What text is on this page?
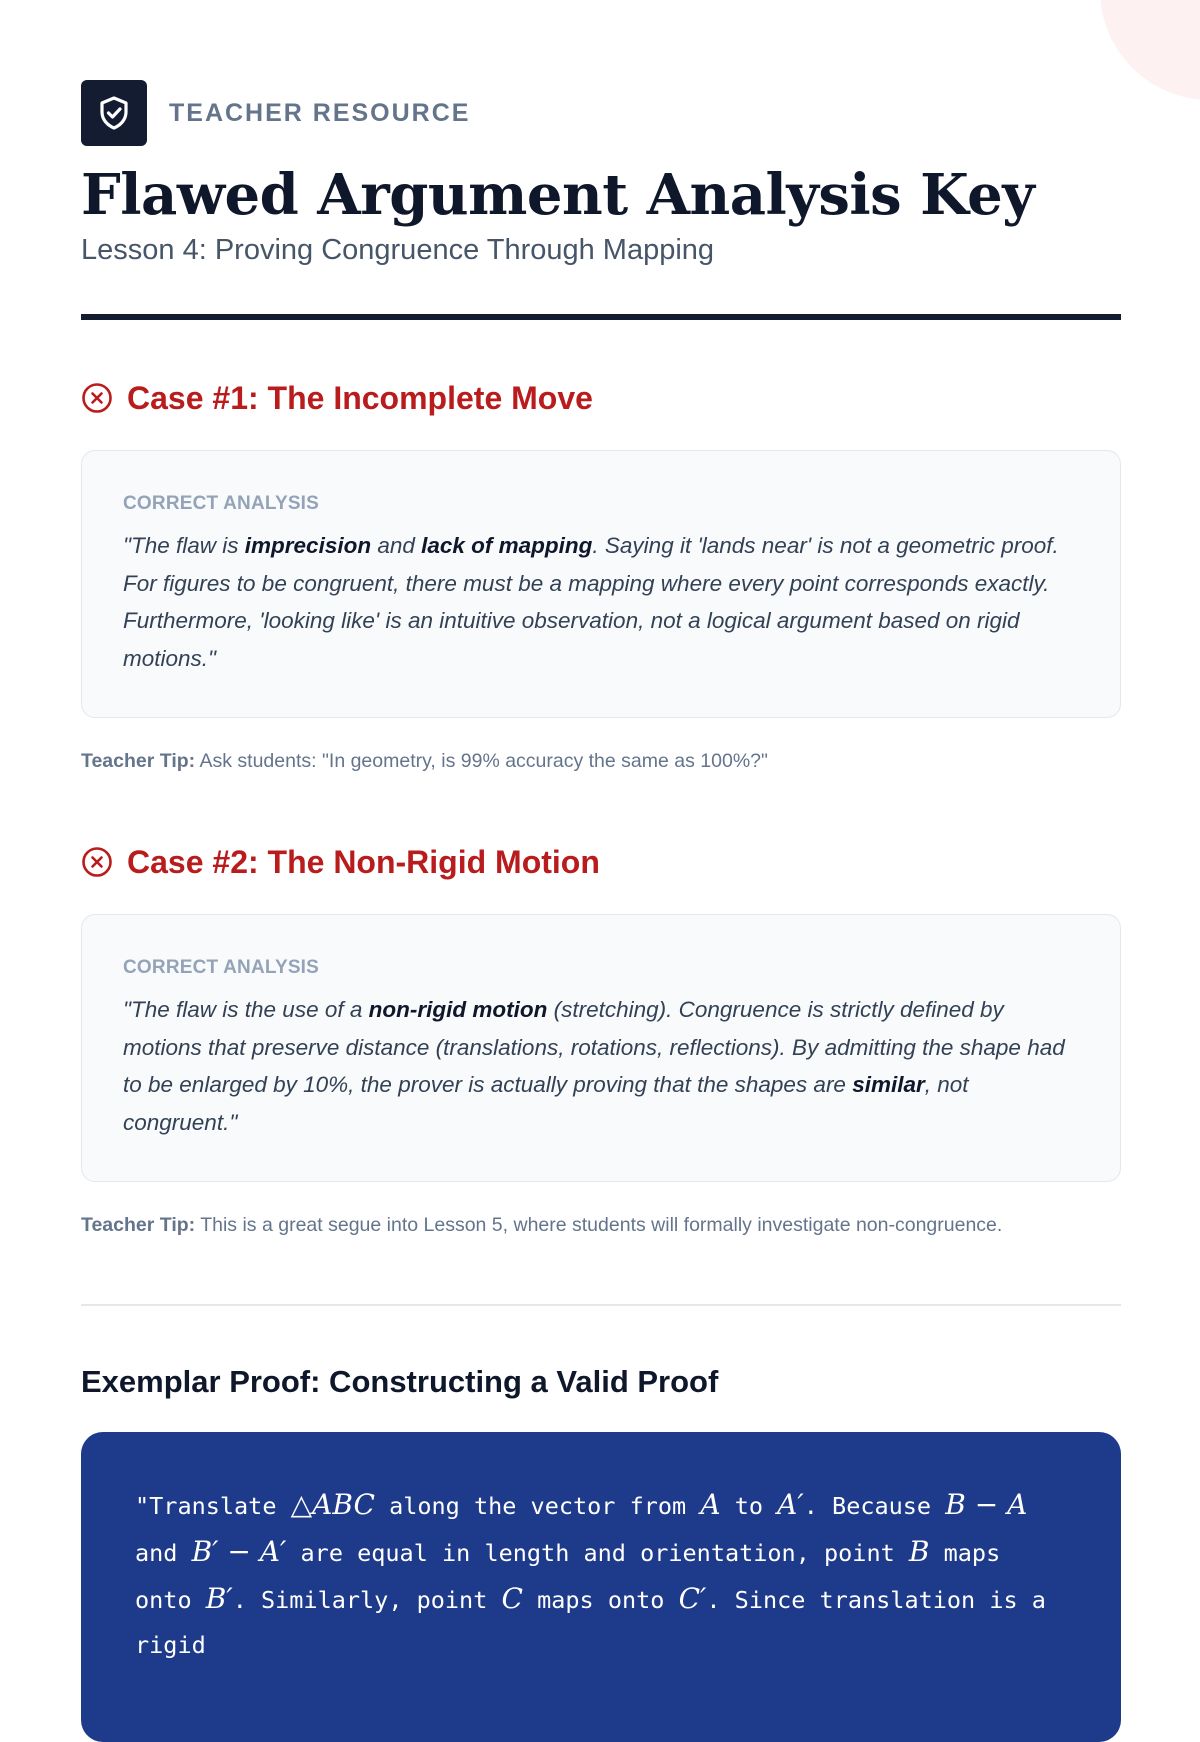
TEACHER RESOURCE
Flawed Argument Analysis Key
Lesson 4: Proving Congruence Through Mapping
Case #1: The Incomplete Move
CORRECT ANALYSIS
"The flaw is imprecision and lack of mapping. Saying it 'lands near' is not a geometric proof. For figures to be congruent, there must be a mapping where every point corresponds exactly. Furthermore, 'looking like' is an intuitive observation, not a logical argument based on rigid motions."
Teacher Tip: Ask students: "In geometry, is 99% accuracy the same as 100%?"
Case #2: The Non-Rigid Motion
CORRECT ANALYSIS
"The flaw is the use of a non-rigid motion (stretching). Congruence is strictly defined by motions that preserve distance (translations, rotations, reflections). By admitting the shape had to be enlarged by 10%, the prover is actually proving that the shapes are similar, not congruent."
Teacher Tip: This is a great segue into Lesson 5, where students will formally investigate non-congruence.
Exemplar Proof: Constructing a Valid Proof
"Translate △ABC along the vector from A to A′. Because B − A and B′ − A′ are equal in length and orientation, point B maps onto B′. Similarly, point C maps onto C′. Since translation is a rigid
